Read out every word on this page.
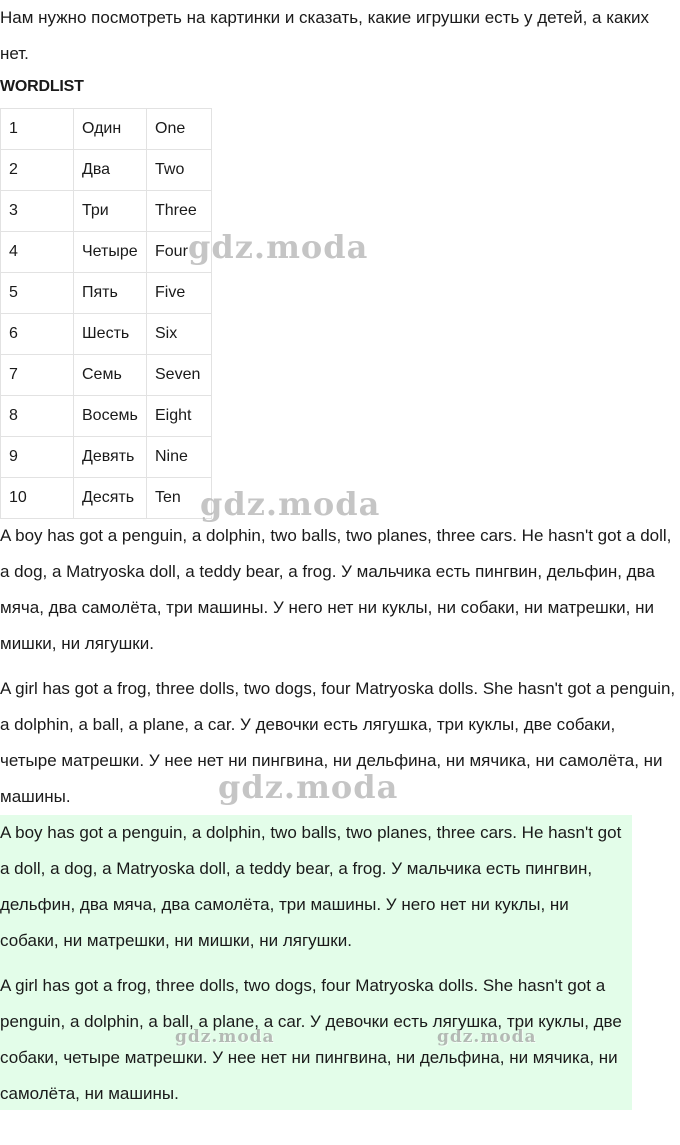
Нам нужно посмотреть на картинки и сказать, какие игрушки есть у детей, а каких нет.

WORDLIST

1	Один	One
2	Два	Two
3	Три	Three
4	Четыре	Four
5	Пять	Five
6	Шесть	Six
7	Семь	Seven
8	Восемь	Eight
9	Девять	Nine
10	Десять	Ten

A boy has got a penguin, a dolphin, two balls, two planes, three cars. He hasn't got a doll, a dog, a Matryoska doll, a teddy bear, a frog. У мальчика есть пингвин, дельфин, два мяча, два самолёта, три машины. У него нет ни куклы, ни собаки, ни матрешки, ни мишки, ни лягушки.

A girl has got a frog, three dolls, two dogs, four Matryoska dolls. She hasn't got a penguin, a dolphin, a ball, a plane, a car. У девочки есть лягушка, три куклы, две собаки, четыре матрешки. У нее нет ни пингвина, ни дельфина, ни мячика, ни самолёта, ни машины.

A boy has got a penguin, a dolphin, two balls, two planes, three cars. He hasn't got a doll, a dog, a Matryoska doll, a teddy bear, a frog. У мальчика есть пингвин, дельфин, два мяча, два самолёта, три машины. У него нет ни куклы, ни собаки, ни матрешки, ни мишки, ни лягушки.

A girl has got a frog, three dolls, two dogs, four Matryoska dolls. She hasn't got a penguin, a dolphin, a ball, a plane, a car. У девочки есть лягушка, три куклы, две собаки, четыре матрешки. У нее нет ни пингвина, ни дельфина, ни мячика, ни самолёта, ни машины.

gdz.moda
gdz.moda
gdz.moda
gdz.moda	gdz.moda
